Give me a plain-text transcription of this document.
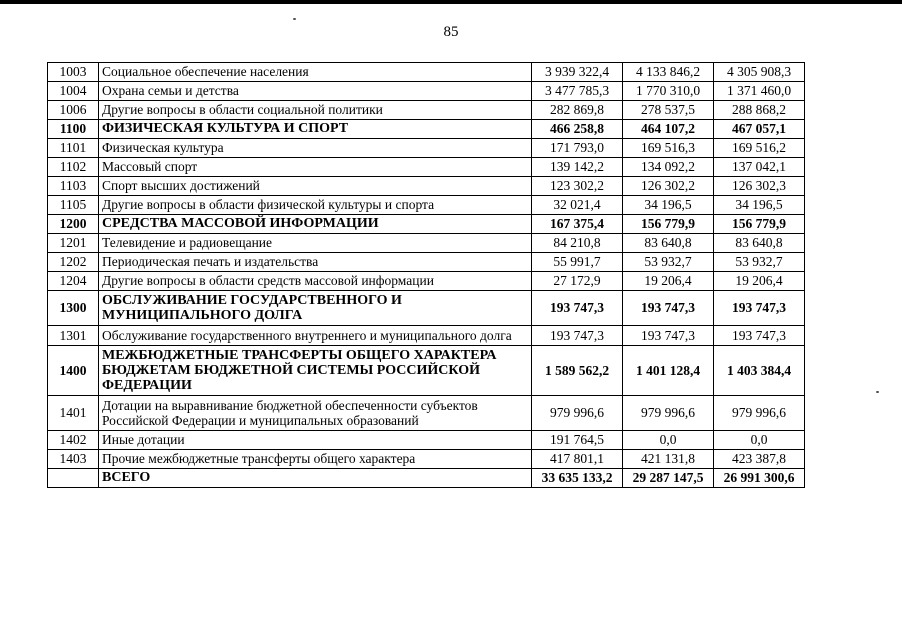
85
1003	Социальное обеспечение населения	3 939 322,4	4 133 846,2	4 305 908,3
1004	Охрана семьи и детства	3 477 785,3	1 770 310,0	1 371 460,0
1006	Другие вопросы в области социальной политики	282 869,8	278 537,5	288 868,2
1100	ФИЗИЧЕСКАЯ КУЛЬТУРА И СПОРТ	466 258,8	464 107,2	467 057,1
1101	Физическая культура	171 793,0	169 516,3	169 516,2
1102	Массовый спорт	139 142,2	134 092,2	137 042,1
1103	Спорт высших достижений	123 302,2	126 302,2	126 302,3
1105	Другие вопросы в области физической культуры и спорта	32 021,4	34 196,5	34 196,5
1200	СРЕДСТВА МАССОВОЙ ИНФОРМАЦИИ	167 375,4	156 779,9	156 779,9
1201	Телевидение и радиовещание	84 210,8	83 640,8	83 640,8
1202	Периодическая печать и издательства	55 991,7	53 932,7	53 932,7
1204	Другие вопросы в области средств массовой информации	27 172,9	19 206,4	19 206,4
1300	ОБСЛУЖИВАНИЕ ГОСУДАРСТВЕННОГО И МУНИЦИПАЛЬНОГО ДОЛГА	193 747,3	193 747,3	193 747,3
1301	Обслуживание государственного внутреннего и муниципального долга	193 747,3	193 747,3	193 747,3
1400	МЕЖБЮДЖЕТНЫЕ ТРАНСФЕРТЫ ОБЩЕГО ХАРАКТЕРА БЮДЖЕТАМ БЮДЖЕТНОЙ СИСТЕМЫ РОССИЙСКОЙ ФЕДЕРАЦИИ	1 589 562,2	1 401 128,4	1 403 384,4
1401	Дотации на выравнивание бюджетной обеспеченности субъектов Российской Федерации и муниципальных образований	979 996,6	979 996,6	979 996,6
1402	Иные дотации	191 764,5	0,0	0,0
1403	Прочие межбюджетные трансферты общего характера	417 801,1	421 131,8	423 387,8
	ВСЕГО	33 635 133,2	29 287 147,5	26 991 300,6
